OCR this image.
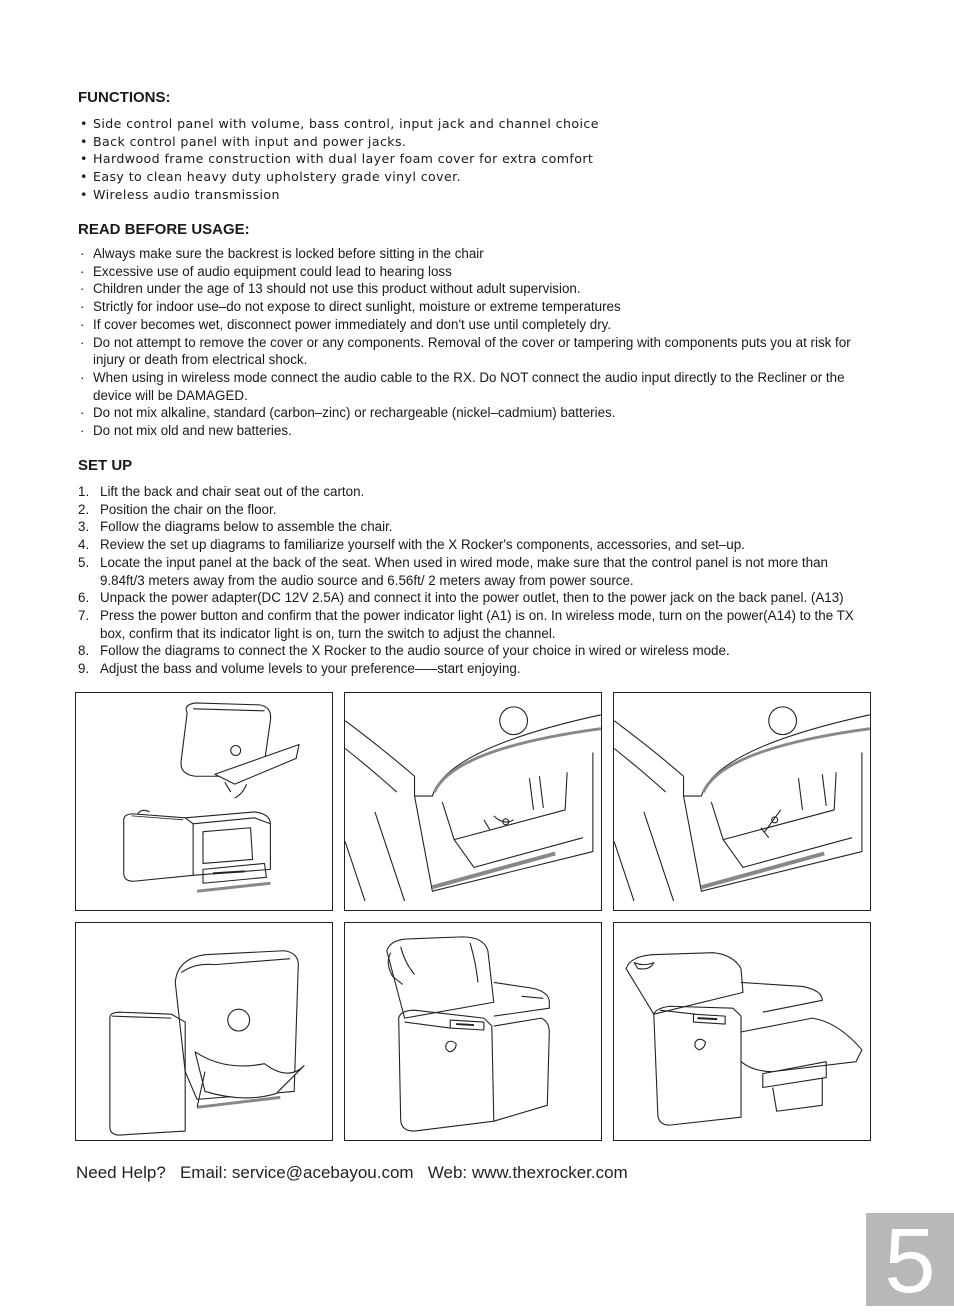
FUNCTIONS:
• Side control panel with volume, bass control, input jack and channel choice
• Back control panel with input and power jacks.
• Hardwood frame construction with dual layer foam cover for extra comfort
• Easy to clean heavy duty upholstery grade vinyl cover.
• Wireless audio transmission
READ BEFORE USAGE:
· Always make sure the backrest is locked before sitting in the chair
· Excessive use of audio equipment could lead to hearing loss
· Children under the age of 13 should not use this product without adult supervision.
· Strictly for indoor use–do not expose to direct sunlight, moisture or extreme temperatures
· If cover becomes wet, disconnect power immediately and don't use until completely dry.
· Do not attempt to remove the cover or any components. Removal of the cover or tampering with components puts you at risk for injury or death from electrical shock.
· When using in wireless mode connect the audio cable to the RX. Do NOT connect the audio input directly to the Recliner or the device will be DAMAGED.
· Do not mix alkaline, standard (carbon–zinc) or rechargeable (nickel–cadmium) batteries.
· Do not mix old and new batteries.
SET UP
1. Lift the back and chair seat out of the carton.
2. Position the chair on the floor.
3. Follow the diagrams below to assemble the chair.
4. Review the set up diagrams to familiarize yourself with the X Rocker's components, accessories, and set–up.
5. Locate the input panel at the back of the seat. When used in wired mode, make sure that the control panel is not more than 9.84ft/3 meters away from the audio source and 6.56ft/ 2 meters away from power source.
6. Unpack the power adapter(DC 12V 2.5A) and connect it into the power outlet, then to the power jack on the back panel. (A13)
7. Press the power button and confirm that the power indicator light (A1) is on. In wireless mode, turn on the power(A14) to the TX box, confirm that its indicator light is on, turn the switch to adjust the channel.
8. Follow the diagrams to connect the X Rocker to the audio source of your choice in wired or wireless mode.
9. Adjust the bass and volume levels to your preference–––start enjoying.
Need Help?   Email: service@acebayou.com   Web: www.thexrocker.com
5
